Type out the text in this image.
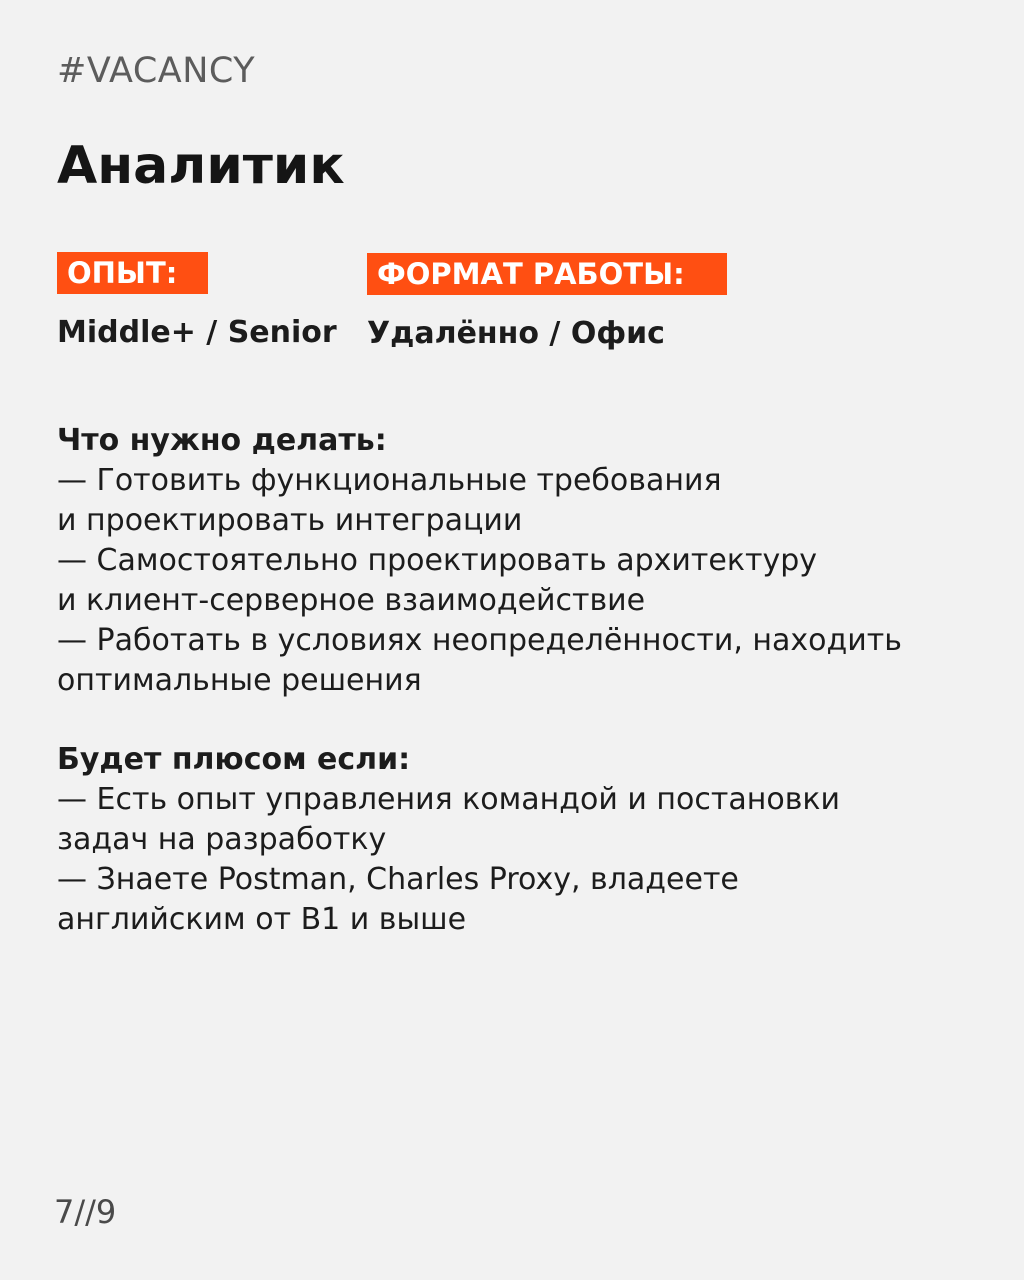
#VACANCY
Аналитик
ОПЫТ:	ФОРМАТ РАБОТЫ:
Middle+ / Senior Удалённо / Офис
Что нужно делать:
— Готовить функциональные требования
и проектировать интеграции
— Самостоятельно проектировать архитектуру
и клиент-серверное взаимодействие
— Работать в условиях неопределённости, находить
оптимальные решения
Будет плюсом если:
— Есть опыт управления командой и постановки
задач на разработку
— Знаете Postman, Charles Proxy, владеете
английским от B1 и выше
7//9
